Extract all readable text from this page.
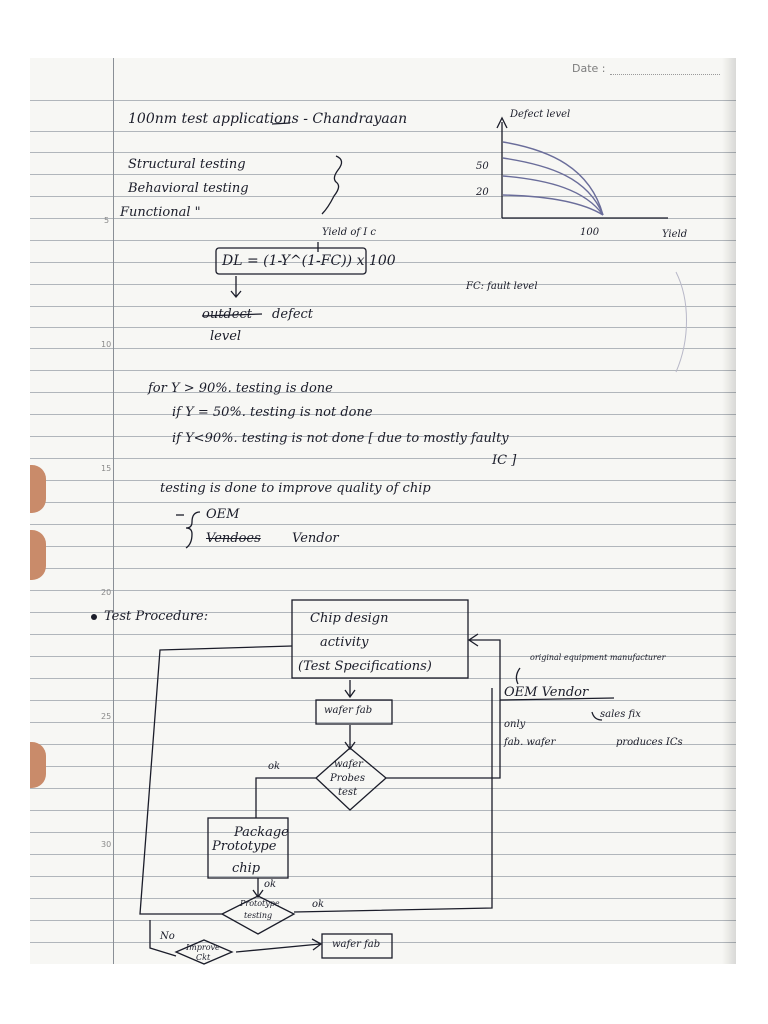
Date :
5
10
15
20
25
30
100nm test applications - Chandrayaan
Structural testing
Behavioral testing
Functional "
Defect level
50
20
100	Yield
Yield of I c
DL = (1-Y^(1-FC)) x 100
FC: fault level
outdect defect
level
for Y > 90%. testing is done
if Y = 50%. testing is not done
if Y<90%. testing is not done [ due to mostly faulty
IC ]
testing is done to improve quality of chip
OEM
Vendoes Vendor
Test Procedure:	Chip design
activity
(Test Specifications)
wafer fab
wafer
Probes
test
ok
Package
Prototype
chip
ok
Prototype
testing
ok
No
Improve
Ckt
wafer fab
original equipment manufacturer
OEM Vendor
only
sales fix
fab. wafer	produces ICs
